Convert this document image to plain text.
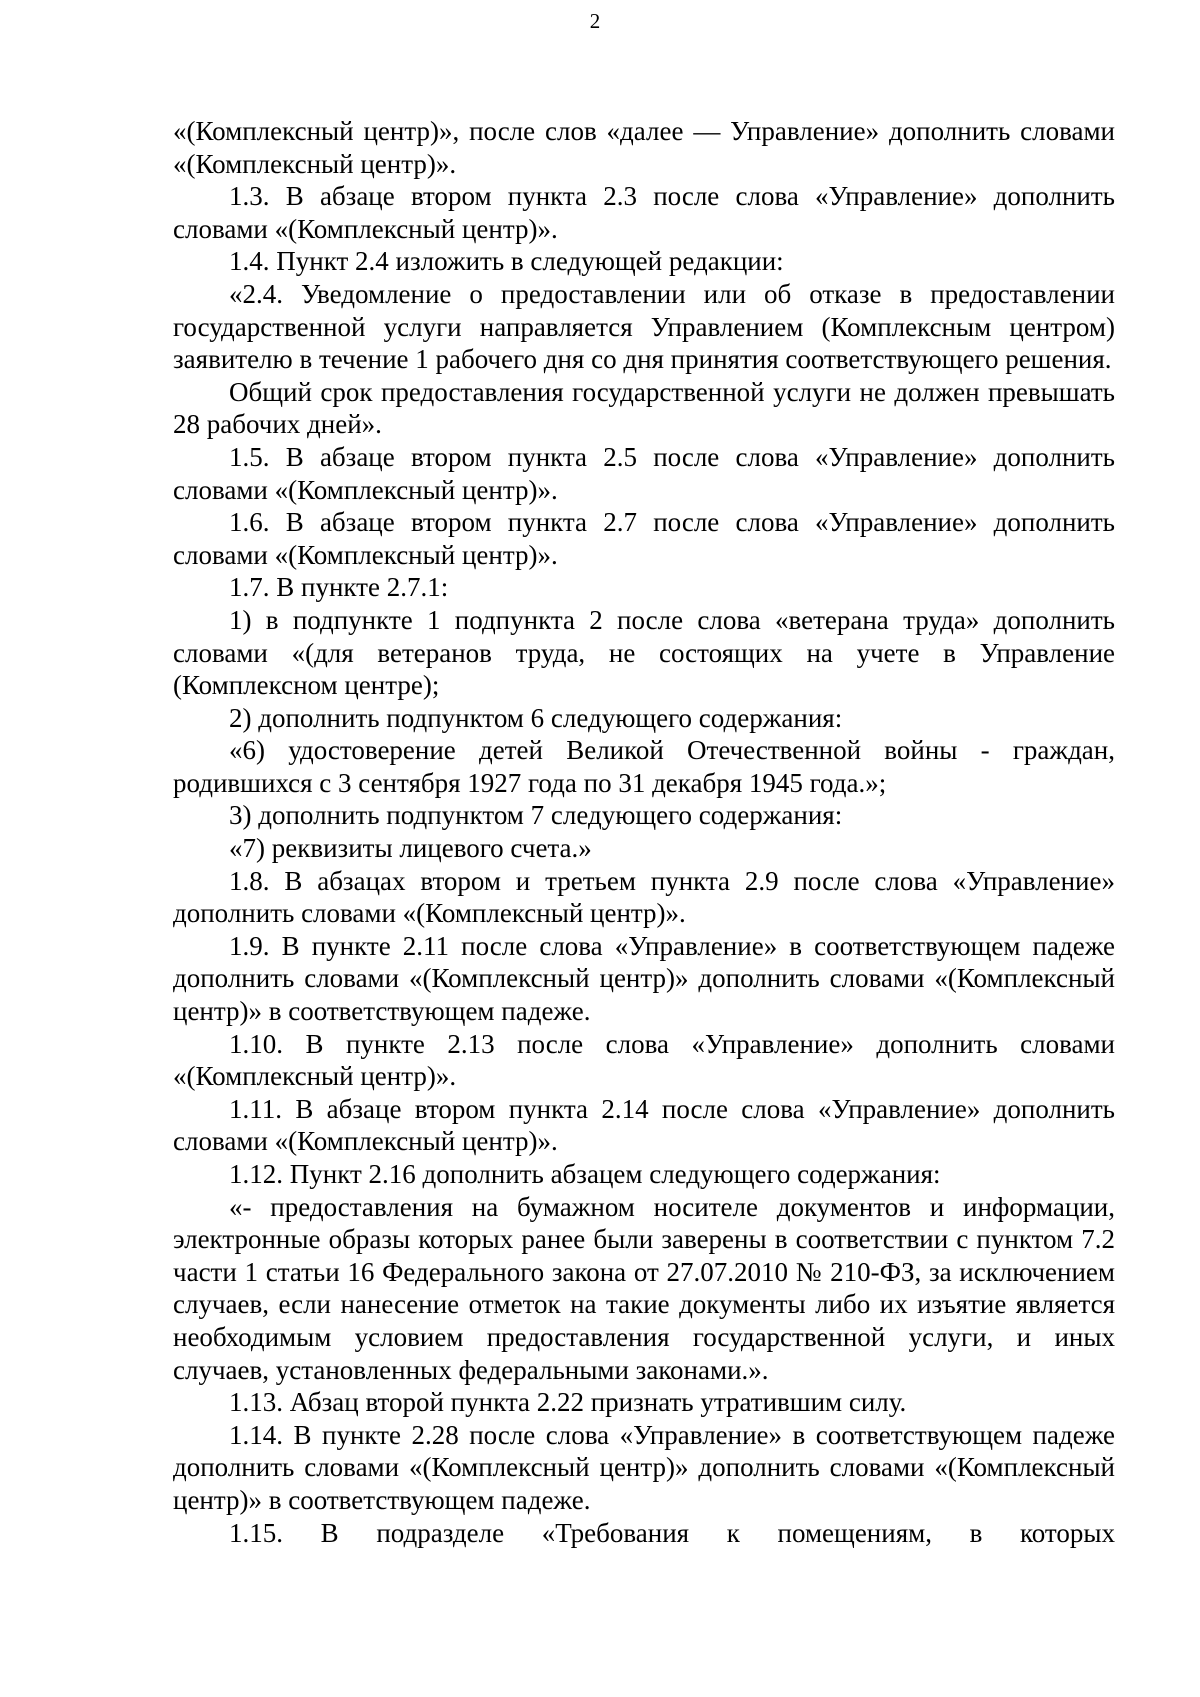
2

«(Комплексный центр)», после слов «далее — Управление» дополнить словами «(Комплексный центр)».

1.3. В абзаце втором пункта 2.3 после слова «Управление» дополнить словами «(Комплексный центр)».

1.4. Пункт 2.4 изложить в следующей редакции:

«2.4. Уведомление о предоставлении или об отказе в предоставлении государственной услуги направляется Управлением (Комплексным центром) заявителю в течение 1 рабочего дня со дня принятия соответствующего решения.

Общий срок предоставления государственной услуги не должен превышать 28 рабочих дней».

1.5. В абзаце втором пункта 2.5 после слова «Управление» дополнить словами «(Комплексный центр)».

1.6. В абзаце втором пункта 2.7 после слова «Управление» дополнить словами «(Комплексный центр)».

1.7. В пункте 2.7.1:

1) в подпункте 1 подпункта 2 после слова «ветерана труда» дополнить словами «(для ветеранов труда, не состоящих на учете в Управление (Комплексном центре);

2) дополнить подпунктом 6 следующего содержания:

«6) удостоверение детей Великой Отечественной войны - граждан, родившихся с 3 сентября 1927 года по 31 декабря 1945 года.»;

3) дополнить подпунктом 7 следующего содержания:

«7) реквизиты лицевого счета.»

1.8. В абзацах втором и третьем пункта 2.9 после слова «Управление» дополнить словами «(Комплексный центр)».

1.9. В пункте 2.11 после слова «Управление» в соответствующем падеже дополнить словами «(Комплексный центр)» дополнить словами «(Комплексный центр)» в соответствующем падеже.

1.10. В пункте 2.13 после слова «Управление» дополнить словами «(Комплексный центр)».

1.11. В абзаце втором пункта 2.14 после слова «Управление» дополнить словами «(Комплексный центр)».

1.12. Пункт 2.16 дополнить абзацем следующего содержания:

«- предоставления на бумажном носителе документов и информации, электронные образы которых ранее были заверены в соответствии с пунктом 7.2 части 1 статьи 16 Федерального закона от 27.07.2010 № 210-ФЗ, за исключением случаев, если нанесение отметок на такие документы либо их изъятие является необходимым условием предоставления государственной услуги, и иных случаев, установленных федеральными законами.».

1.13. Абзац второй пункта 2.22 признать утратившим силу.

1.14. В пункте 2.28 после слова «Управление» в соответствующем падеже дополнить словами «(Комплексный центр)» дополнить словами «(Комплексный центр)» в соответствующем падеже.

1.15. В подразделе «Требования к помещениям, в которых
